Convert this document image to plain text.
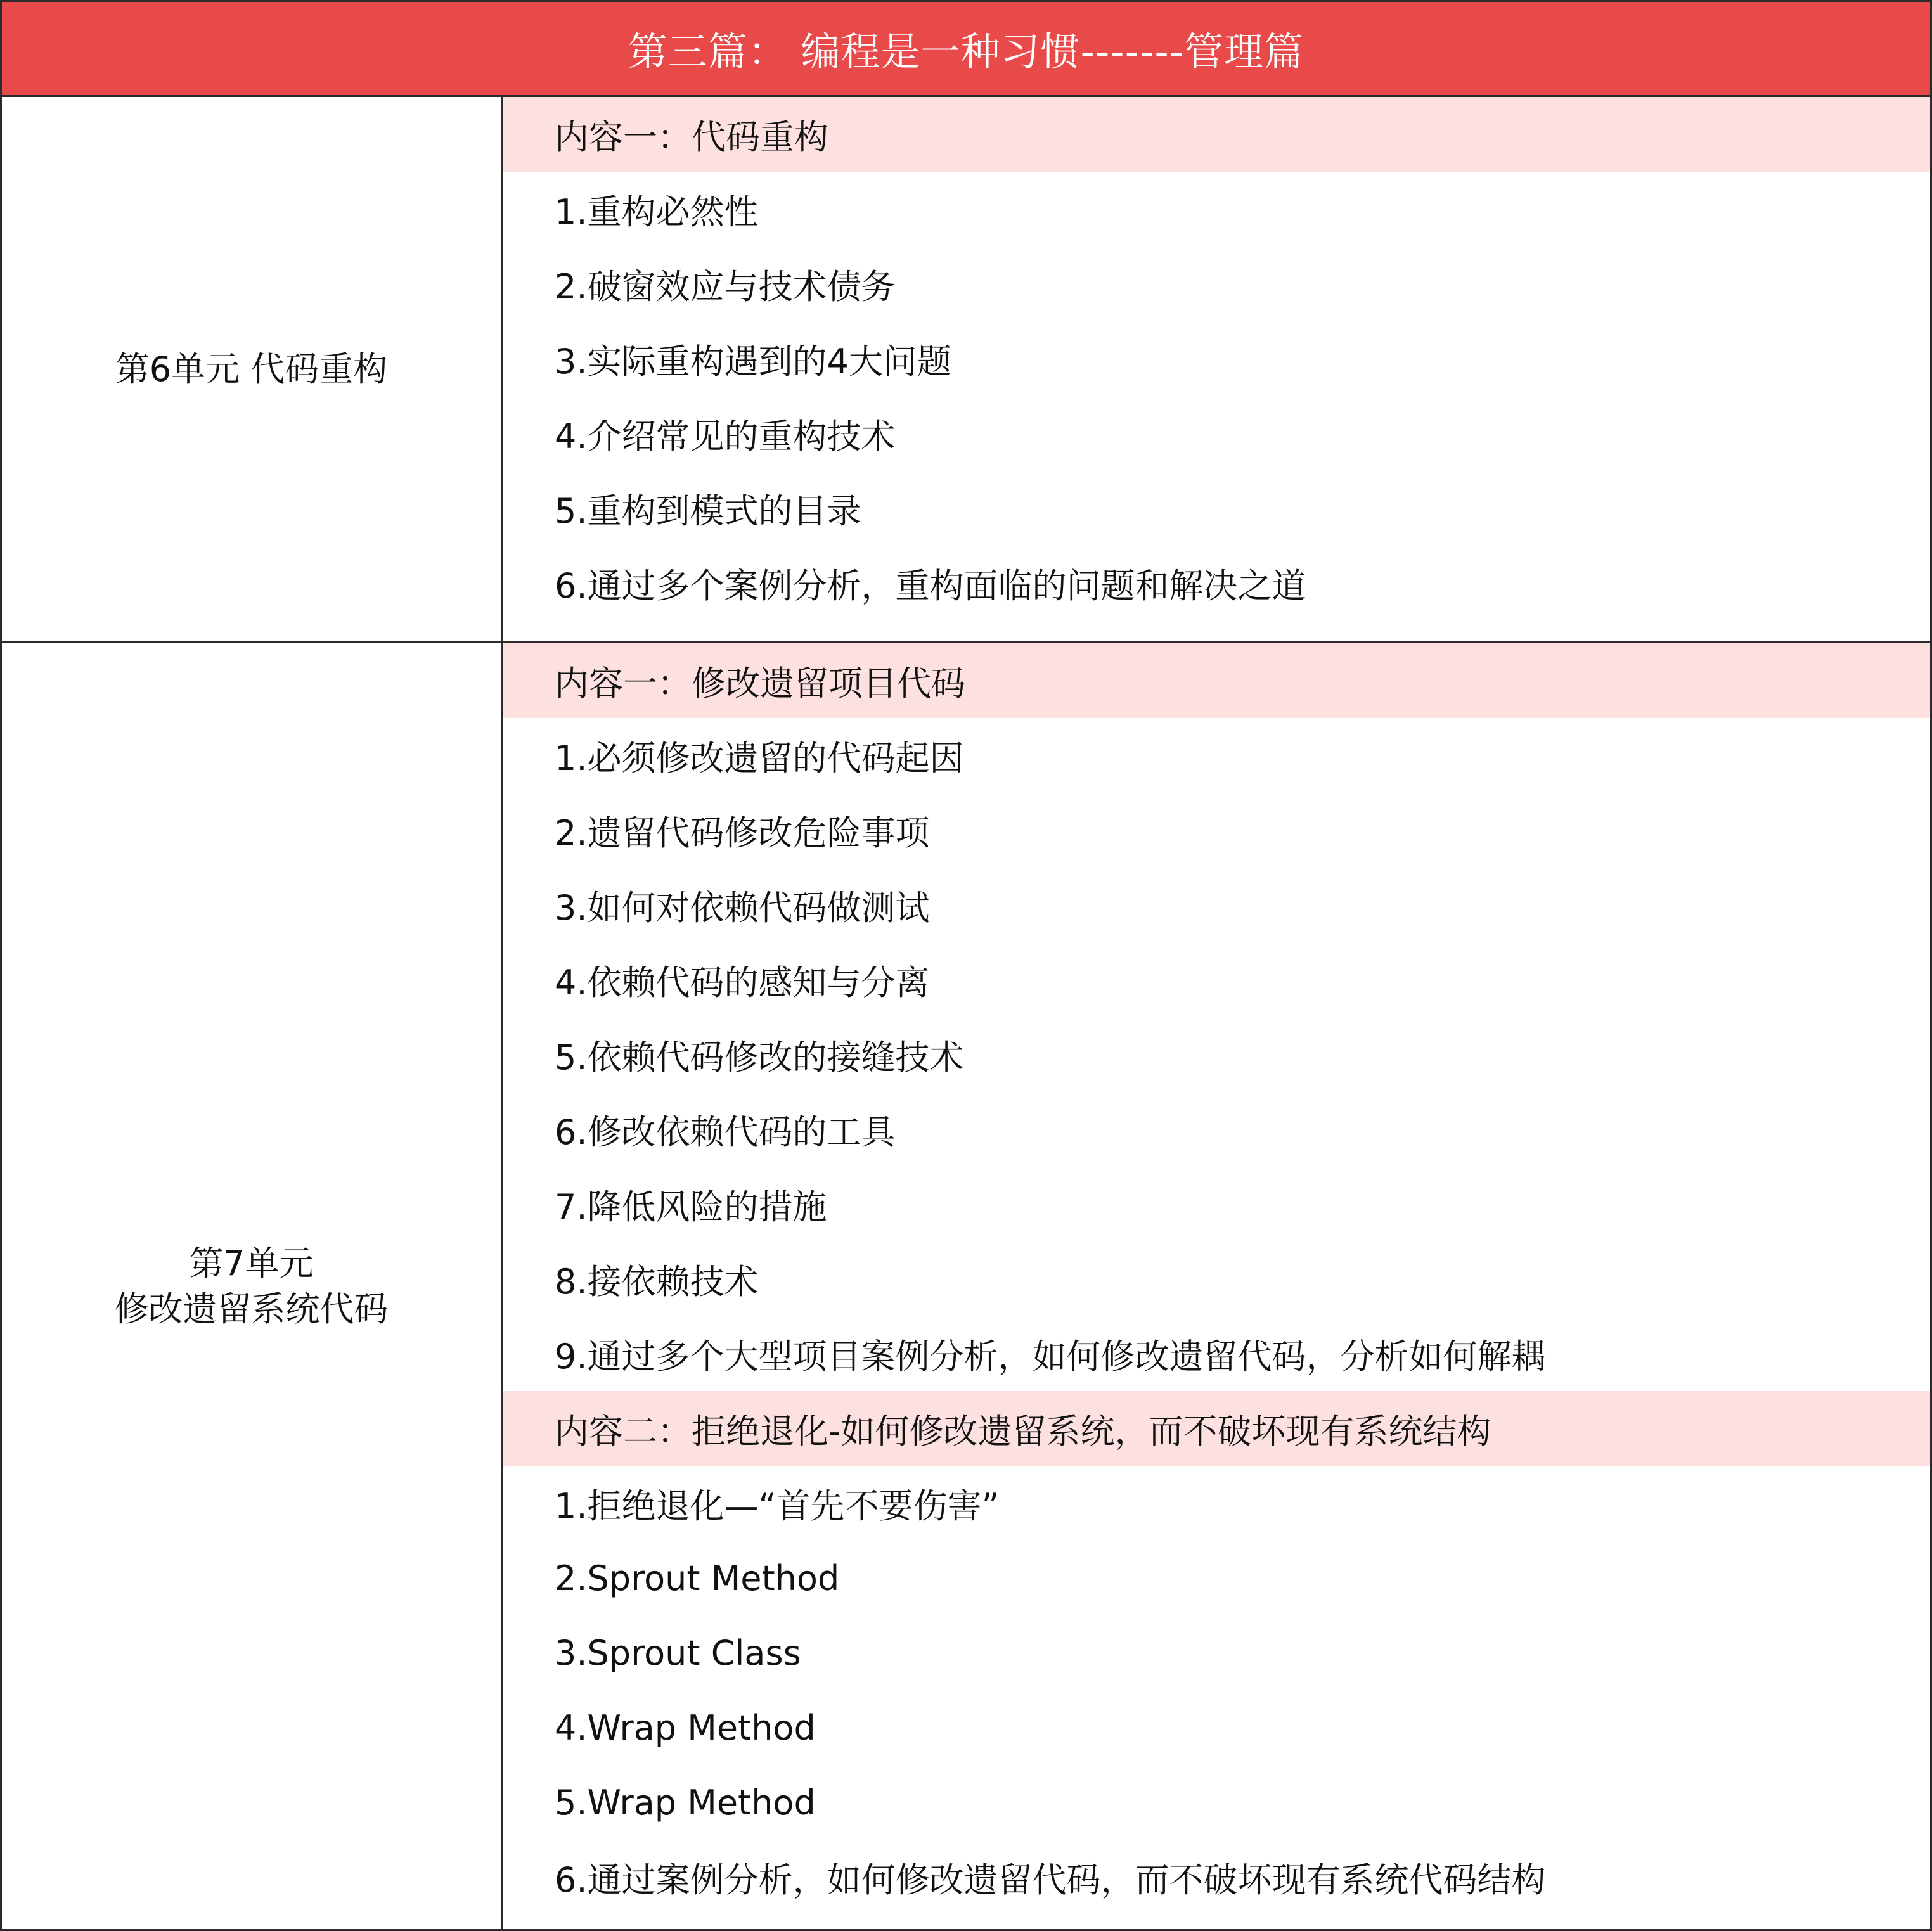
第三篇： 编程是一种习惯-------管理篇
第6单元 代码重构
内容一：代码重构
1.重构必然性
2.破窗效应与技术债务
3.实际重构遇到的4大问题
4.介绍常见的重构技术
5.重构到模式的目录
6.通过多个案例分析，重构面临的问题和解决之道
第7单元
修改遗留系统代码
内容一：修改遗留项目代码
1.必须修改遗留的代码起因
2.遗留代码修改危险事项
3.如何对依赖代码做测试
4.依赖代码的感知与分离
5.依赖代码修改的接缝技术
6.修改依赖代码的工具
7.降低风险的措施
8.接依赖技术
9.通过多个大型项目案例分析，如何修改遗留代码，分析如何解耦
内容二：拒绝退化-如何修改遗留系统，而不破坏现有系统结构
1.拒绝退化—“首先不要伤害”
2.Sprout Method
3.Sprout Class
4.Wrap Method
5.Wrap Method
6.通过案例分析，如何修改遗留代码，而不破坏现有系统代码结构
